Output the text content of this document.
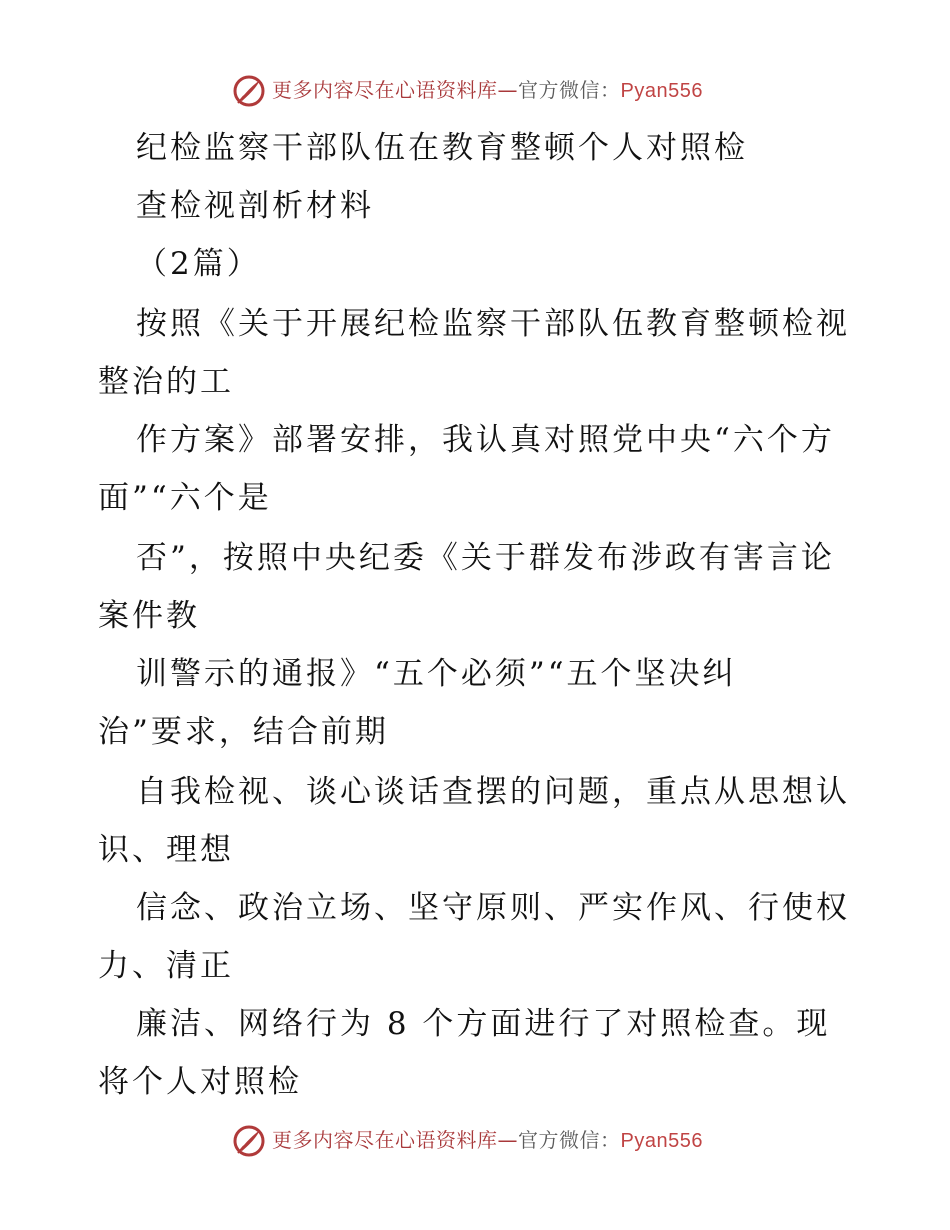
更多内容尽在心语资料库—官方微信：Pyan556
纪检监察干部队伍在教育整顿个人对照检
查检视剖析材料
（2篇）
按照《关于开展纪检监察干部队伍教育整顿检视
整治的工
作方案》部署安排，我认真对照党中央“六个方
面”“六个是
否”，按照中央纪委《关于群发布涉政有害言论
案件教
训警示的通报》“五个必须”“五个坚决纠
治”要求，结合前期
自我检视、谈心谈话查摆的问题，重点从思想认
识、理想
信念、政治立场、坚守原则、严实作风、行使权
力、清正
廉洁、网络行为 8 个方面进行了对照检查。现
将个人对照检
更多内容尽在心语资料库—官方微信：Pyan556
